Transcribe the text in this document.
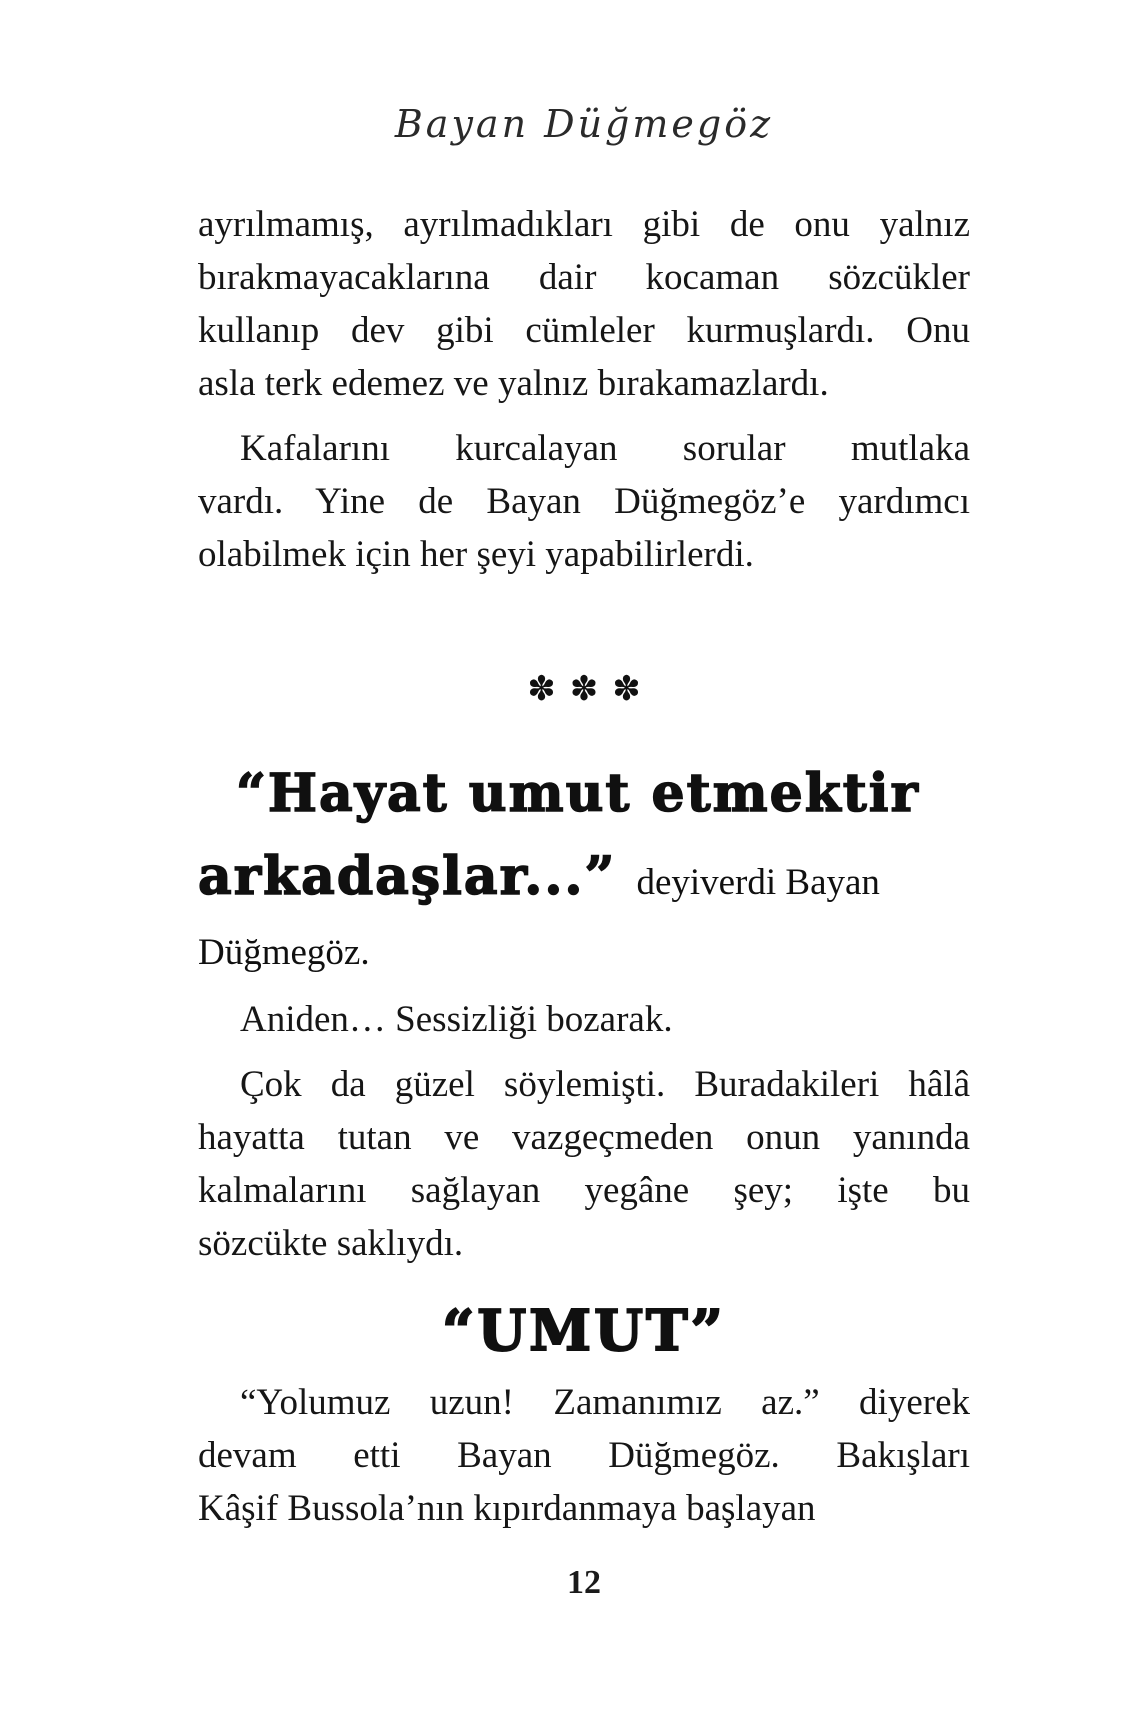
Bayan Düğmegöz
ayrılmamış, ayrılmadıkları gibi de onu yalnız
bırakmayacaklarına dair kocaman sözcükler
kullanıp dev gibi cümleler kurmuşlardı. Onu
asla terk edemez ve yalnız bırakamazlardı.
Kafalarını kurcalayan sorular mutlaka
vardı. Yine de Bayan Düğmegöz’e yardımcı
olabilmek için her şeyi yapabilirlerdi.
✽✽✽
“Hayat umut etmektir
arkadaşlar...” deyiverdi Bayan
Düğmegöz.
Aniden… Sessizliği bozarak.
Çok da güzel söylemişti. Buradakileri hâlâ
hayatta tutan ve vazgeçmeden onun yanında
kalmalarını sağlayan yegâne şey; işte bu
sözcükte saklıydı.
“UMUT”
“Yolumuz uzun! Zamanımız az.” diyerek
devam etti Bayan Düğmegöz. Bakışları
Kâşif Bussola’nın kıpırdanmaya başlayan
12
